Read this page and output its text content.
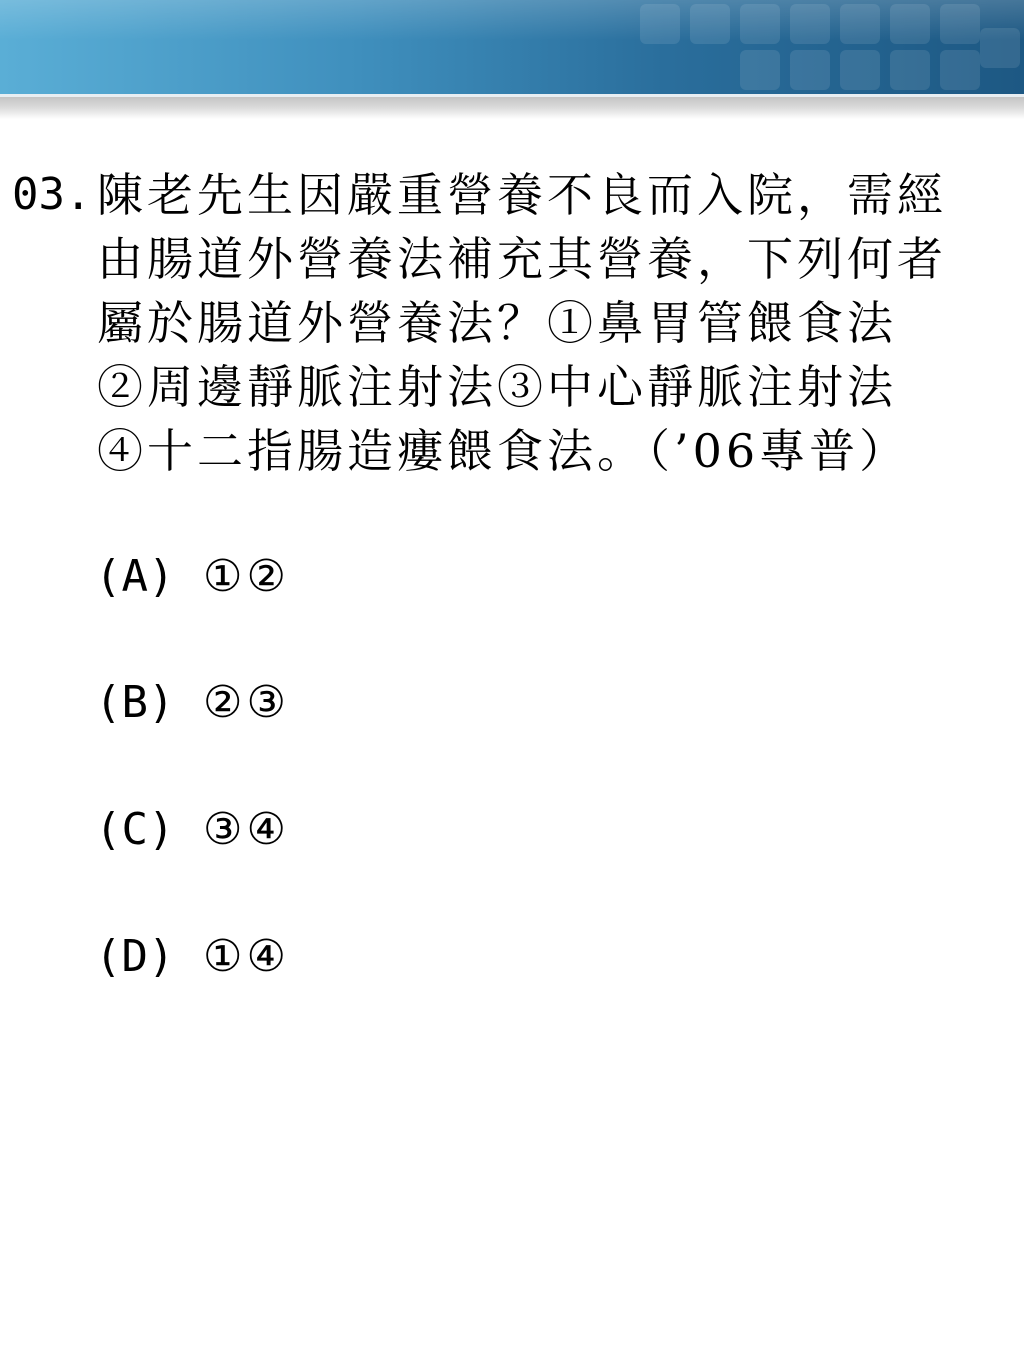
03. 陳老先生因嚴重營養不良而入院，需經
由腸道外營養法補充其營養，下列何者
屬於腸道外營養法？①鼻胃管餵食法
②周邊靜脈注射法③中心靜脈注射法
④十二指腸造瘻餵食法。（’06專普）
(A) ①②
(B) ②③
(C) ③④
(D) ①④
